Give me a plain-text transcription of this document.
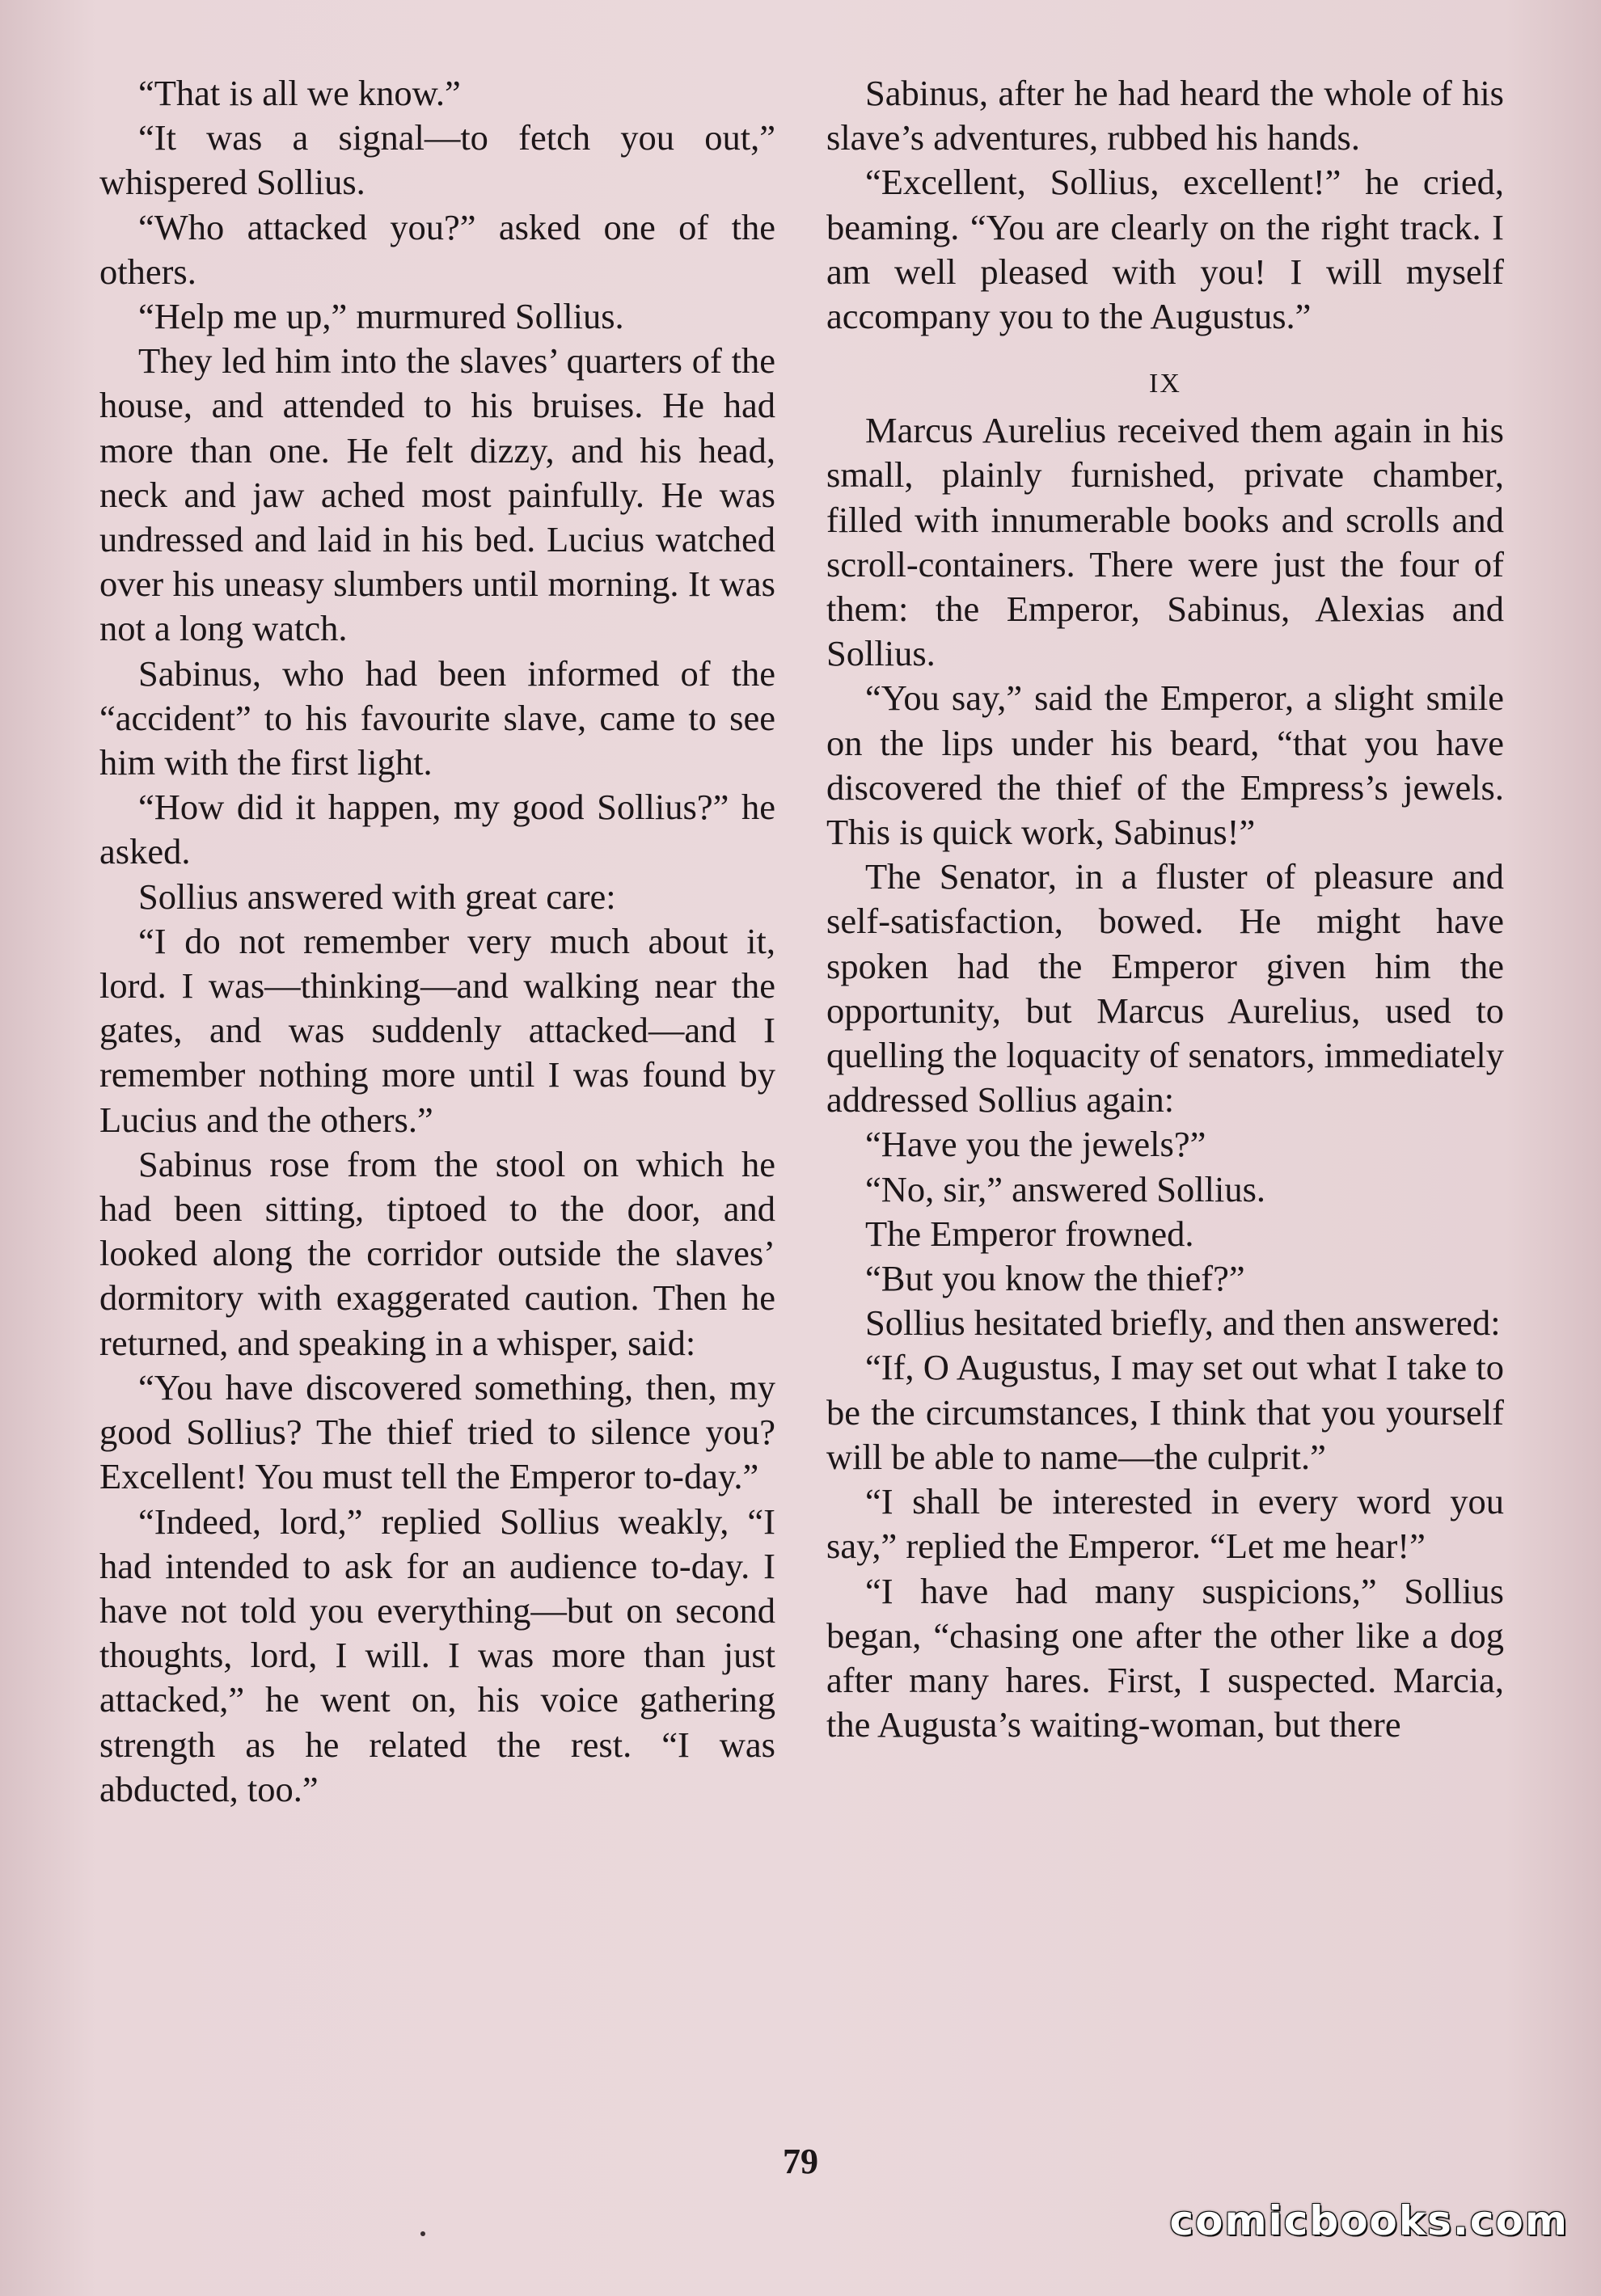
“That is all we know.”

“It was a signal—to fetch you out,” whispered Sollius.

“Who attacked you?” asked one of the others.

“Help me up,” murmured Sollius.

They led him into the slaves’ quarters of the house, and attended to his bruises. He had more than one. He felt dizzy, and his head, neck and jaw ached most painfully. He was undressed and laid in his bed. Lucius watched over his uneasy slumbers until morning. It was not a long watch.

Sabinus, who had been informed of the “accident” to his favourite slave, came to see him with the first light.

“How did it happen, my good Sollius?” he asked.

Sollius answered with great care:

“I do not remember very much about it, lord. I was—thinking—and walking near the gates, and was suddenly attacked—and I remember nothing more until I was found by Lucius and the others.”

Sabinus rose from the stool on which he had been sitting, tiptoed to the door, and looked along the corridor outside the slaves’ dormitory with exaggerated caution. Then he returned, and speaking in a whisper, said:

“You have discovered something, then, my good Sollius? The thief tried to silence you? Excellent! You must tell the Emperor to-day.”

“Indeed, lord,” replied Sollius weakly, “I had intended to ask for an audience to-day. I have not told you everything—but on second thoughts, lord, I will. I was more than just attacked,” he went on, his voice gathering strength as he related the rest. “I was abducted, too.”

Sabinus, after he had heard the whole of his slave’s adventures, rubbed his hands.

“Excellent, Sollius, excellent!” he cried, beaming. “You are clearly on the right track. I am well pleased with you! I will myself accompany you to the Augustus.”

IX

Marcus Aurelius received them again in his small, plainly furnished, private chamber, filled with innumerable books and scrolls and scroll-containers. There were just the four of them: the Emperor, Sabinus, Alexias and Sollius.

“You say,” said the Emperor, a slight smile on the lips under his beard, “that you have discovered the thief of the Empress’s jewels. This is quick work, Sabinus!”

The Senator, in a fluster of pleasure and self-satisfaction, bowed. He might have spoken had the Emperor given him the opportunity, but Marcus Aurelius, used to quelling the loquacity of senators, immediately addressed Sollius again:

“Have you the jewels?”

“No, sir,” answered Sollius.

The Emperor frowned.

“But you know the thief?”

Sollius hesitated briefly, and then answered:

“If, O Augustus, I may set out what I take to be the circumstances, I think that you yourself will be able to name—the culprit.”

“I shall be interested in every word you say,” replied the Emperor. “Let me hear!”

“I have had many suspicions,” Sollius began, “chasing one after the other like a dog after many hares. First, I suspected. Marcia, the Augusta’s waiting-woman, but there

79
comicbooks.com
